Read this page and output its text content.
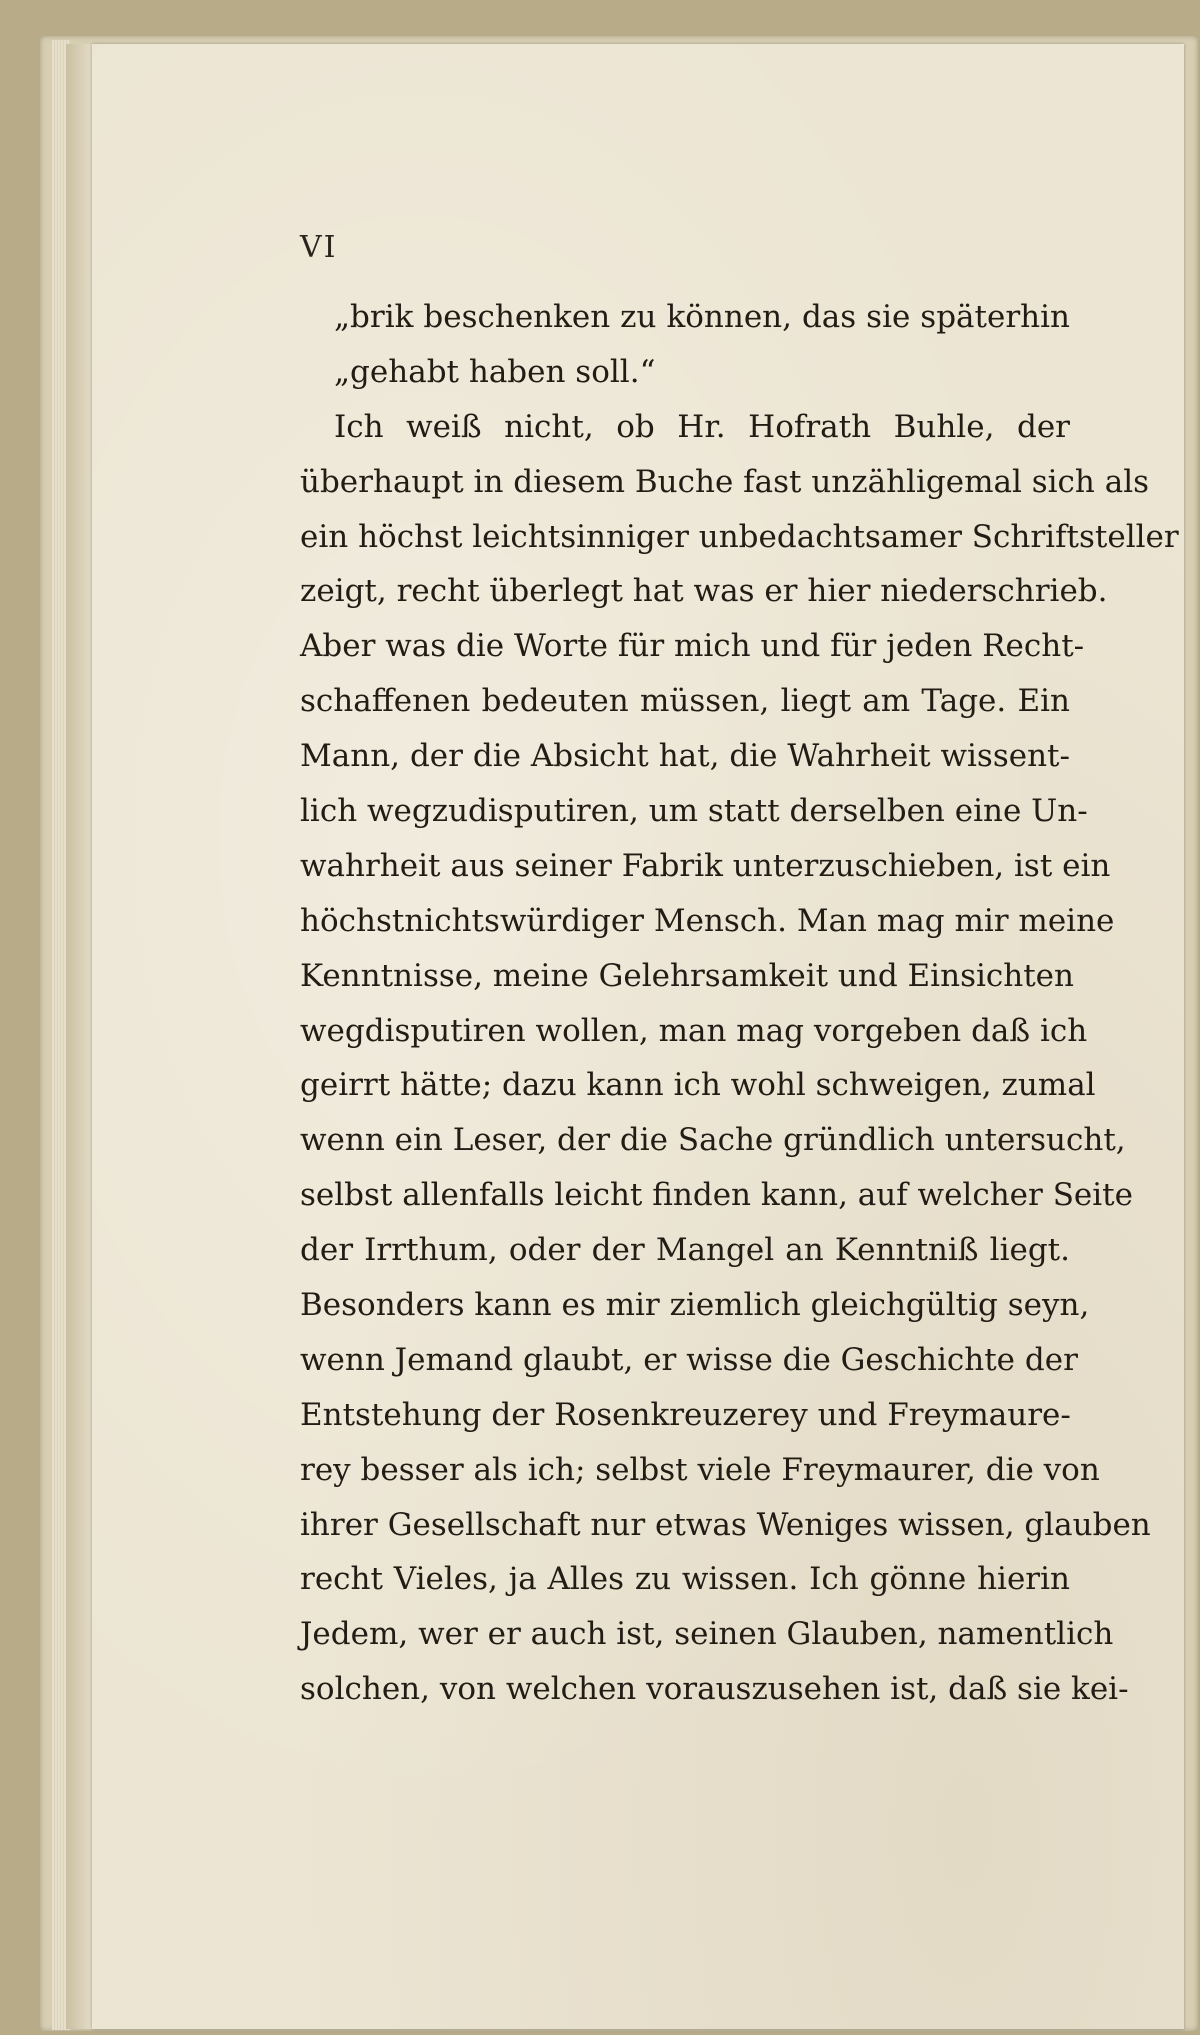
VI
„brik beschenken zu können, das sie späterhin
„gehabt haben soll.“
Ich weiß nicht, ob Hr. Hofrath Buhle, der
überhaupt in diesem Buche fast unzähligemal sich als
ein höchst leichtsinniger unbedachtsamer Schriftsteller
zeigt, recht überlegt hat was er hier niederschrieb.
Aber was die Worte für mich und für jeden Recht-
schaffenen bedeuten müssen, liegt am Tage. Ein
Mann, der die Absicht hat, die Wahrheit wissent-
lich wegzudisputiren, um statt derselben eine Un-
wahrheit aus seiner Fabrik unterzuschieben, ist ein
höchstnichtswürdiger Mensch. Man mag mir meine
Kenntnisse, meine Gelehrsamkeit und Einsichten
wegdisputiren wollen, man mag vorgeben daß ich
geirrt hätte; dazu kann ich wohl schweigen, zumal
wenn ein Leser, der die Sache gründlich untersucht,
selbst allenfalls leicht finden kann, auf welcher Seite
der Irrthum, oder der Mangel an Kenntniß liegt.
Besonders kann es mir ziemlich gleichgültig seyn,
wenn Jemand glaubt, er wisse die Geschichte der
Entstehung der Rosenkreuzerey und Freymaure-
rey besser als ich; selbst viele Freymaurer, die von
ihrer Gesellschaft nur etwas Weniges wissen, glauben
recht Vieles, ja Alles zu wissen. Ich gönne hierin
Jedem, wer er auch ist, seinen Glauben, namentlich
solchen, von welchen vorauszusehen ist, daß sie kei-
